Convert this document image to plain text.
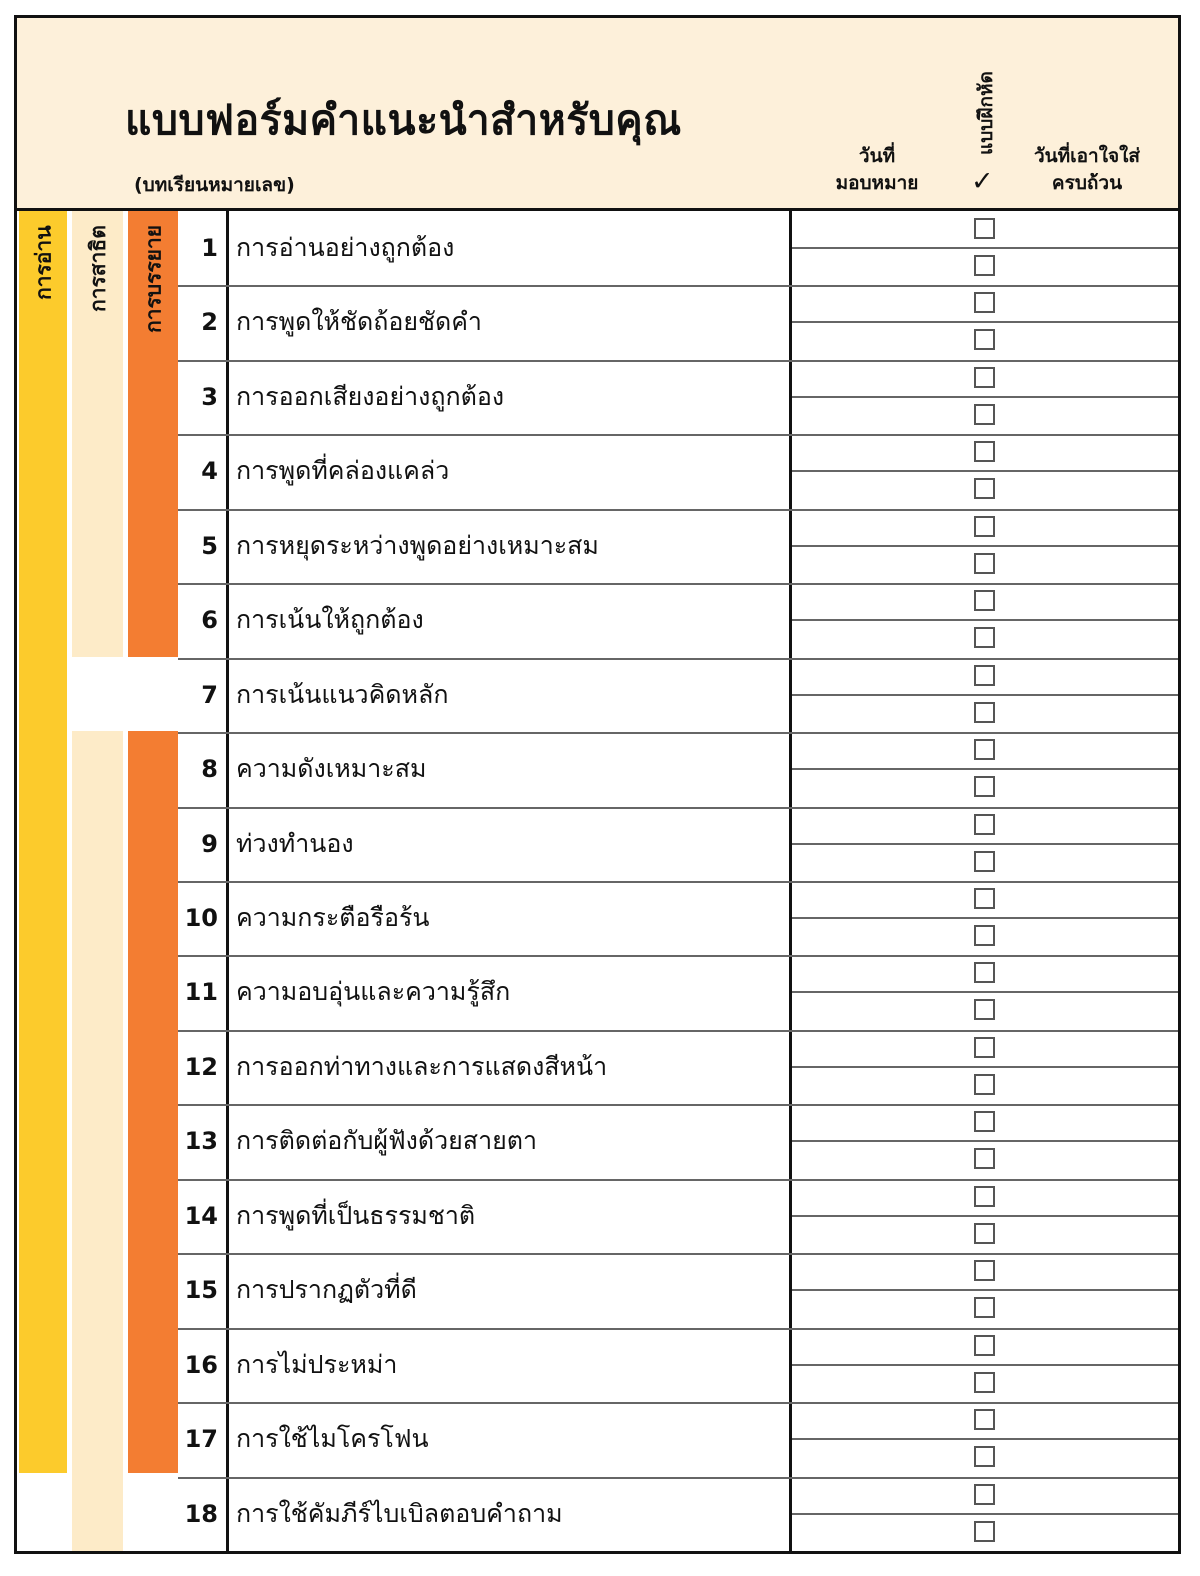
แบบฟอร์มคำแนะนำสำหรับคุณ
(บทเรียนหมายเลข)
วันที่
มอบหมาย
แบบฝึกหัด
✓
วันที่เอาใจใส่
ครบถ้วน
การอ่าน	การสาธิต	การบรรยาย	1 การอ่านอย่างถูกต้อง
2 การพูดให้ชัดถ้อยชัดคำ
3 การออกเสียงอย่างถูกต้อง
4 การพูดที่คล่องแคล่ว
5 การหยุดระหว่างพูดอย่างเหมาะสม
6 การเน้นให้ถูกต้อง
7 การเน้นแนวคิดหลัก
8 ความดังเหมาะสม
9 ท่วงทำนอง
10 ความกระตือรือร้น
11 ความอบอุ่นและความรู้สึก
12 การออกท่าทางและการแสดงสีหน้า
13 การติดต่อกับผู้ฟังด้วยสายตา
14 การพูดที่เป็นธรรมชาติ
15 การปรากฏตัวที่ดี
16 การไม่ประหม่า
17 การใช้ไมโครโฟน
18 การใช้คัมภีร์ไบเบิลตอบคำถาม
